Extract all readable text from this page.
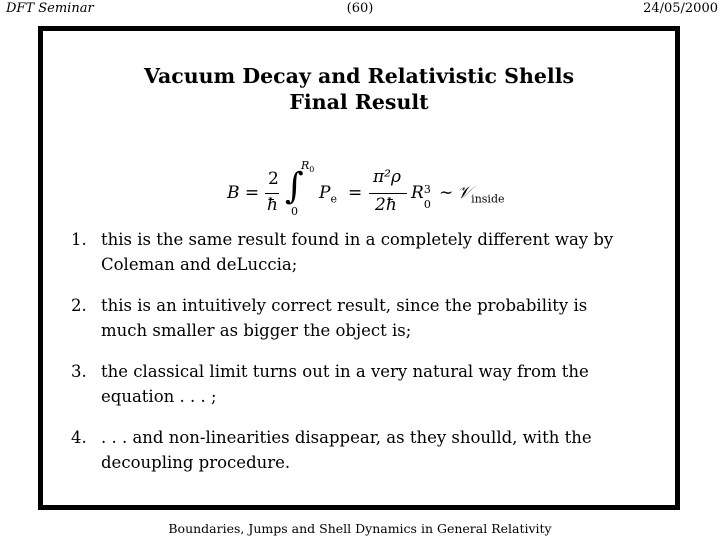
DFT Seminar	(60)	24/05/2000
Vacuum Decay and Relativistic Shells
Final Result
B =
2
ħ ∫
$R_0$
0
$P_e$ =
π²ρ
2ħ
R 3
0
∼ 𝒱$_{inside}$
1. this is the same result found in a completely different way by
Coleman and deLuccia;
2. this is an intuitively correct result, since the probability is
much smaller as bigger the object is;
3. the classical limit turns out in a very natural way from the
equation . . . ;
4. . . . and non-linearities disappear, as they shoulld, with the
decoupling procedure.
Boundaries, Jumps and Shell Dynamics in General Relativity
